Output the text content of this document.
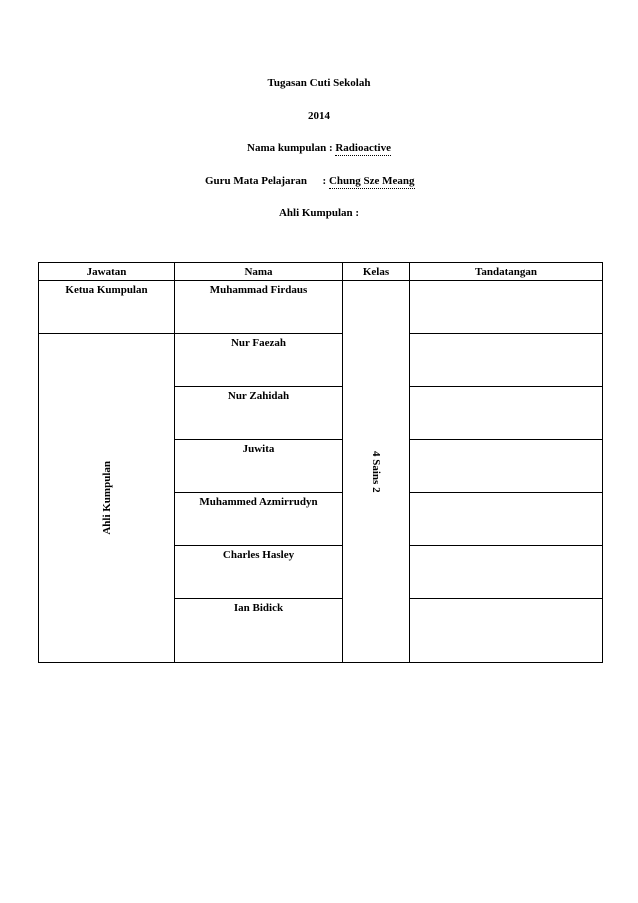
Tugasan Cuti Sekolah
2014
Nama kumpulan : Radioactive
Guru Mata Pelajaran : Chung Sze Meang
Ahli Kumpulan :
Jawatan	Nama	Kelas	Tandatangan
Ketua Kumpulan	Muhammad Firdaus	4 Sains 2	

Ahli Kumpulan	Nur Faezah		
	Nur Zahidah		
	Juwita		
	Muhammed Azmirrudyn		
	Charles Hasley		
	Ian Bidick		
